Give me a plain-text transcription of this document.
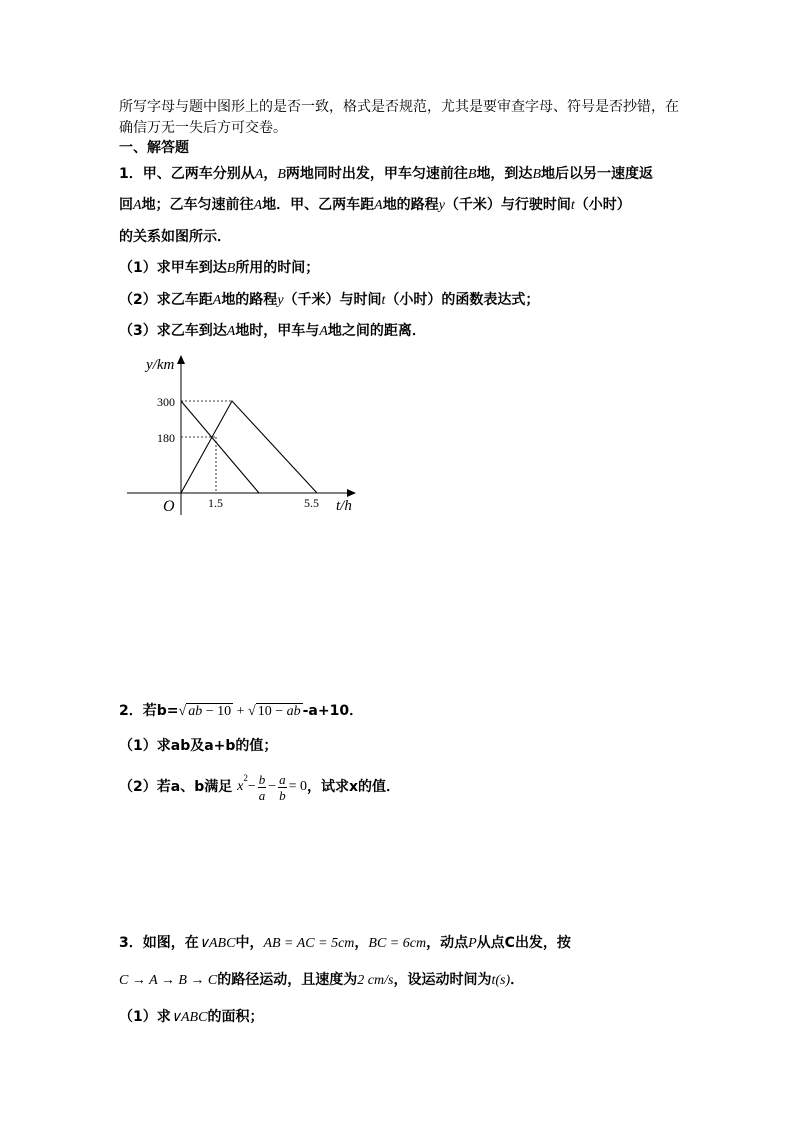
所写字母与题中图形上的是否一致，格式是否规范，尤其是要审查字母、符号是否抄错，在
确信万无一失后方可交卷。
一、解答题
1．甲、乙两车分别从A，B两地同时出发，甲车匀速前往B地，到达B地后以另一速度返
回A地；乙车匀速前往A地．甲、乙两车距A地的路程y（千米）与行驶时间t（小时）
的关系如图所示．
（1）求甲车到达B所用的时间；
（2）求乙车距A地的路程y（千米）与时间t（小时）的函数表达式；
（3）求乙车到达A地时，甲车与A地之间的距离．
y/km
t/h
O
300
180
1.5	5.5
2．若b=√ ab − 10 + √ 10 − ab -a+10．
（1）求ab及a+b的值；
（2）若a、b满足 $x^2- \frac{b}{a} - \frac{a}{b} = 0$，试求x的值．
3．如图，在∨ABC中，AB = AC = 5cm，BC = 6cm，动点P从点C出发，按
C → A → B → C的路径运动，且速度为2 cm/s，设运动时间为t(s)．
（1）求∨ABC的面积；
